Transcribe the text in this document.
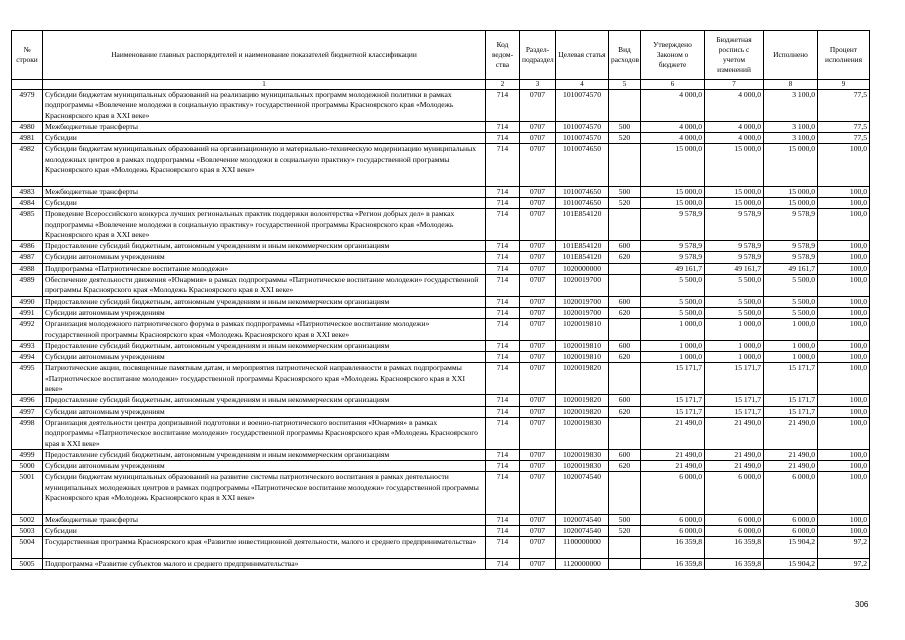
№ строки	Наименование главных распорядителей и наименование показателей бюджетной классификации	Код ведом-ства	Раздел-подраздел	Целевая статья	Вид расходов	Утверждено Законом о бюджете	Бюджетная роспись с учетом изменений	Исполнено	Процент исполнения
	1	2	3	4	5	6	7	8	9
4979	Субсидии бюджетам муниципальных образований на реализацию муниципальных программ молодежной политики в рамках подпрограммы «Вовлечение молодежи в социальную практику» государственной программы Красноярского края «Молодежь Красноярского края в XXI веке»	714	0707	1010074570		4 000,0	4 000,0	3 100,0	77,5
4980	Межбюджетные трансферты	714	0707	1010074570	500	4 000,0	4 000,0	3 100,0	77,5
4981	Субсидии	714	0707	1010074570	520	4 000,0	4 000,0	3 100,0	77,5
4982	Субсидии бюджетам муниципальных образований на организационную и материально-техническую модернизацию муниципальных молодежных центров в рамках подпрограммы «Вовлечение молодежи в социальную практику» государственной программы Красноярского края «Молодежь Красноярского края в XXI веке»	714	0707	1010074650		15 000,0	15 000,0	15 000,0	100,0
4983	Межбюджетные трансферты	714	0707	1010074650	500	15 000,0	15 000,0	15 000,0	100,0
4984	Субсидии	714	0707	1010074650	520	15 000,0	15 000,0	15 000,0	100,0
4985	Проведение Всероссийского конкурса лучших региональных практик поддержки волонтерства «Регион добрых дел» в рамках подпрограммы «Вовлечение молодежи в социальную практику» государственной программы Красноярского края «Молодежь Красноярского края в XXI веке»	714	0707	101E854120		9 578,9	9 578,9	9 578,9	100,0
4986	Предоставление субсидий бюджетным, автономным учреждениям и иным некоммерческим организациям	714	0707	101E854120	600	9 578,9	9 578,9	9 578,9	100,0
4987	Субсидии автономным учреждениям	714	0707	101E854120	620	9 578,9	9 578,9	9 578,9	100,0
4988	Подпрограмма «Патриотическое воспитание молодежи»	714	0707	1020000000		49 161,7	49 161,7	49 161,7	100,0
4989	Обеспечение деятельности движения «Юнармия» в рамках подпрограммы «Патриотическое воспитание молодежи» государственной программы Красноярского края «Молодежь Красноярского края в XXI веке»	714	0707	1020019700		5 500,0	5 500,0	5 500,0	100,0
4990	Предоставление субсидий бюджетным, автономным учреждениям и иным некоммерческим организациям	714	0707	1020019700	600	5 500,0	5 500,0	5 500,0	100,0
4991	Субсидии автономным учреждениям	714	0707	1020019700	620	5 500,0	5 500,0	5 500,0	100,0
4992	Организация молодежного патриотического форума в рамках подпрограммы «Патриотическое воспитание молодежи» государственной программы Красноярского края «Молодежь Красноярского края в XXI веке»	714	0707	1020019810		1 000,0	1 000,0	1 000,0	100,0
4993	Предоставление субсидий бюджетным, автономным учреждениям и иным некоммерческим организациям	714	0707	1020019810	600	1 000,0	1 000,0	1 000,0	100,0
4994	Субсидии автономным учреждениям	714	0707	1020019810	620	1 000,0	1 000,0	1 000,0	100,0
4995	Патриотические акции, посвященные памятным датам, и мероприятия патриотической направленности в рамках подпрограммы «Патриотическое воспитание молодежи» государственной программы Красноярского края «Молодежь Красноярского края в XXI веке»	714	0707	1020019820		15 171,7	15 171,7	15 171,7	100,0
4996	Предоставление субсидий бюджетным, автономным учреждениям и иным некоммерческим организациям	714	0707	1020019820	600	15 171,7	15 171,7	15 171,7	100,0
4997	Субсидии автономным учреждениям	714	0707	1020019820	620	15 171,7	15 171,7	15 171,7	100,0
4998	Организация деятельности центра допризывной подготовки и военно-патриотического воспитания «Юнармия» в рамках подпрограммы «Патриотическое воспитание молодежи» государственной программы Красноярского края «Молодежь Красноярского края в XXI веке»	714	0707	1020019830		21 490,0	21 490,0	21 490,0	100,0
4999	Предоставление субсидий бюджетным, автономным учреждениям и иным некоммерческим организациям	714	0707	1020019830	600	21 490,0	21 490,0	21 490,0	100,0
5000	Субсидии автономным учреждениям	714	0707	1020019830	620	21 490,0	21 490,0	21 490,0	100,0
5001	Субсидии бюджетам муниципальных образований на развитие системы патриотического воспитания в рамках деятельности муниципальных молодежных центров в рамках подпрограммы «Патриотическое воспитание молодежи» государственной программы Красноярского края «Молодежь Красноярского края в XXI веке»	714	0707	1020074540		6 000,0	6 000,0	6 000,0	100,0
5002	Межбюджетные трансферты	714	0707	1020074540	500	6 000,0	6 000,0	6 000,0	100,0
5003	Субсидии	714	0707	1020074540	520	6 000,0	6 000,0	6 000,0	100,0
5004	Государственная программа Красноярского края «Развитие инвестиционной деятельности, малого и среднего предпринимательства»	714	0707	1100000000		16 359,8	16 359,8	15 904,2	97,2
5005	Подпрограмма «Развитие субъектов малого и среднего предпринимательства»	714	0707	1120000000		16 359,8	16 359,8	15 904,2	97,2
306
